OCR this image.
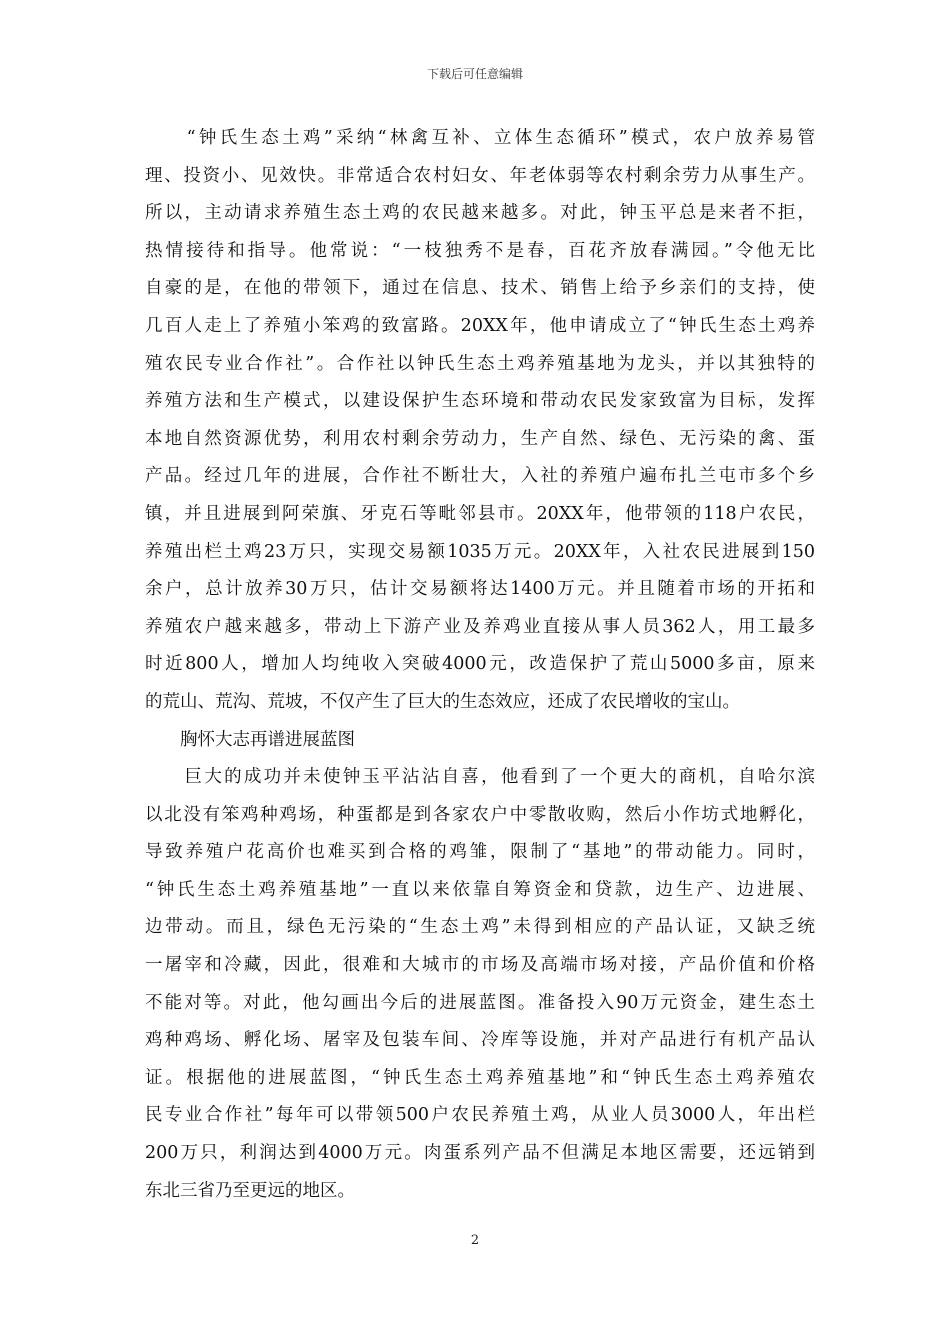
下载后可任意编辑
　　“钟氏生态土鸡”采纳“林禽互补、立体生态循环”模式，农户放养易管
理、投资小、见效快。非常适合农村妇女、年老体弱等农村剩余劳力从事生产。
所以，主动请求养殖生态土鸡的农民越来越多。对此，钟玉平总是来者不拒，
热情接待和指导。他常说：“一枝独秀不是春，百花齐放春满园。”令他无比
自豪的是，在他的带领下，通过在信息、技术、销售上给予乡亲们的支持，使
几百人走上了养殖小笨鸡的致富路。20XX年，他申请成立了“钟氏生态土鸡养
殖农民专业合作社”。合作社以钟氏生态土鸡养殖基地为龙头，并以其独特的
养殖方法和生产模式，以建设保护生态环境和带动农民发家致富为目标，发挥
本地自然资源优势，利用农村剩余劳动力，生产自然、绿色、无污染的禽、蛋
产品。经过几年的进展，合作社不断壮大，入社的养殖户遍布扎兰屯市多个乡
镇，并且进展到阿荣旗、牙克石等毗邻县市。20XX年，他带领的118户农民，
养殖出栏土鸡23万只，实现交易额1035万元。20XX年，入社农民进展到150
余户，总计放养30万只，估计交易额将达1400万元。并且随着市场的开拓和
养殖农户越来越多，带动上下游产业及养鸡业直接从事人员362人，用工最多
时近800人，增加人均纯收入突破4000元，改造保护了荒山5000多亩，原来
的荒山、荒沟、荒坡，不仅产生了巨大的生态效应，还成了农民增收的宝山。
　　胸怀大志再谱进展蓝图
　　巨大的成功并未使钟玉平沾沾自喜，他看到了一个更大的商机，自哈尔滨
以北没有笨鸡种鸡场，种蛋都是到各家农户中零散收购，然后小作坊式地孵化，
导致养殖户花高价也难买到合格的鸡雏，限制了“基地”的带动能力。同时，
“钟氏生态土鸡养殖基地”一直以来依靠自筹资金和贷款，边生产、边进展、
边带动。而且，绿色无污染的“生态土鸡”未得到相应的产品认证，又缺乏统
一屠宰和冷藏，因此，很难和大城市的市场及高端市场对接，产品价值和价格
不能对等。对此，他勾画出今后的进展蓝图。准备投入90万元资金，建生态土
鸡种鸡场、孵化场、屠宰及包装车间、冷库等设施，并对产品进行有机产品认
证。根据他的进展蓝图，“钟氏生态土鸡养殖基地”和“钟氏生态土鸡养殖农
民专业合作社”每年可以带领500户农民养殖土鸡，从业人员3000人，年出栏
200万只，利润达到4000万元。肉蛋系列产品不但满足本地区需要，还远销到
东北三省乃至更远的地区。
2
